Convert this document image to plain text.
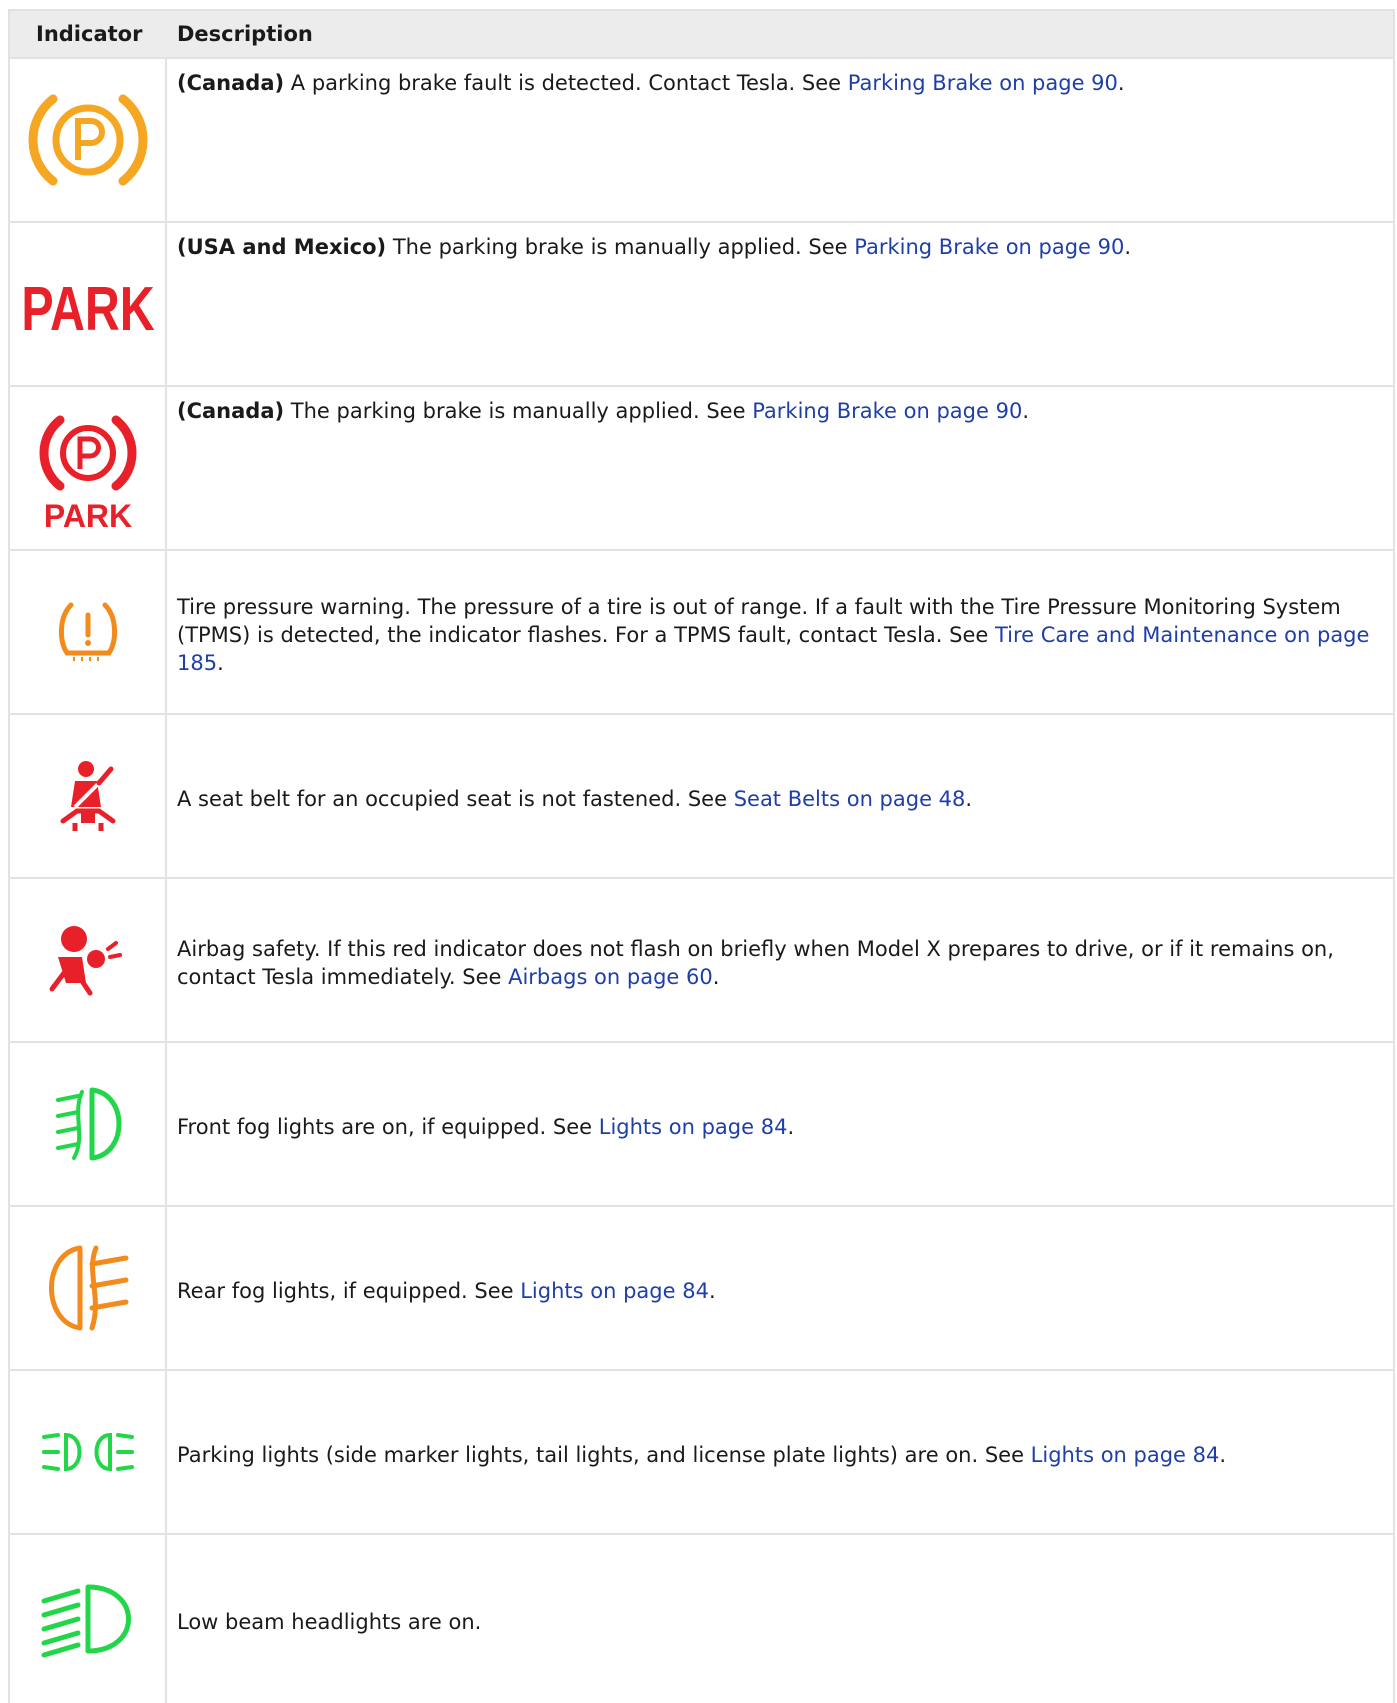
Indicator	Description
(Canada) A parking brake fault is detected. Contact Tesla. See Parking Brake on page 90.
PARK
(USA and Mexico) The parking brake is manually applied. See Parking Brake on page 90.
PARK
(Canada) The parking brake is manually applied. See Parking Brake on page 90.
Tire pressure warning. The pressure of a tire is out of range. If a fault with the Tire Pressure Monitoring System (TPMS) is detected, the indicator flashes. For a TPMS fault, contact Tesla. See Tire Care and Maintenance on page 185.
A seat belt for an occupied seat is not fastened. See Seat Belts on page 48.
Airbag safety. If this red indicator does not flash on briefly when Model X prepares to drive, or if it remains on, contact Tesla immediately. See Airbags on page 60.
Front fog lights are on, if equipped. See Lights on page 84.
Rear fog lights, if equipped. See Lights on page 84.
Parking lights (side marker lights, tail lights, and license plate lights) are on. See Lights on page 84.
Low beam headlights are on.
